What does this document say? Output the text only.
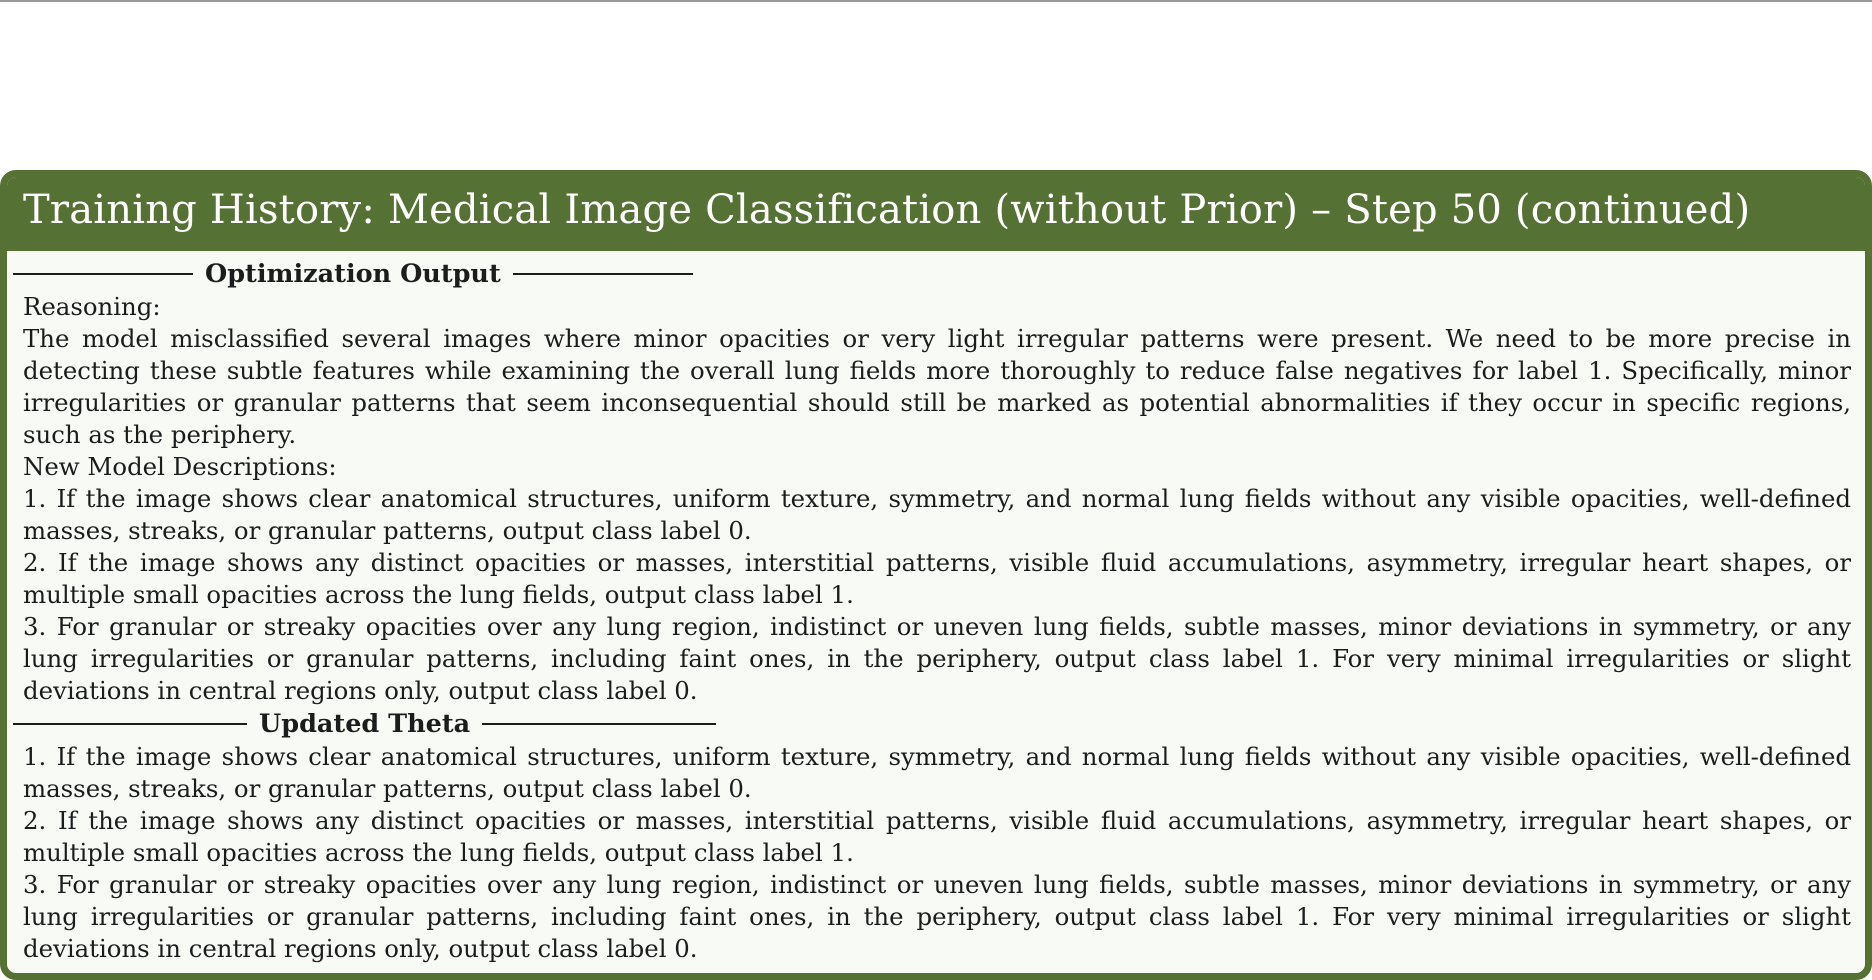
Training History: Medical Image Classification (without Prior) – Step 50 (continued)
Optimization Output
Reasoning:

The model misclassified several images where minor opacities or very light irregular patterns were present. We need to be more precise in detecting these subtle features while examining the overall lung fields more thoroughly to reduce false negatives for label 1. Specifically, minor irregularities or granular patterns that seem inconsequential should still be marked as potential abnormalities if they occur in specific regions, such as the periphery.

New Model Descriptions:

1. If the image shows clear anatomical structures, uniform texture, symmetry, and normal lung fields without any visible opacities, well-defined masses, streaks, or granular patterns, output class label 0.

2. If the image shows any distinct opacities or masses, interstitial patterns, visible fluid accumulations, asymmetry, irregular heart shapes, or multiple small opacities across the lung fields, output class label 1.

3. For granular or streaky opacities over any lung region, indistinct or uneven lung fields, subtle masses, minor deviations in symmetry, or any lung irregularities or granular patterns, including faint ones, in the periphery, output class label 1. For very minimal irregularities or slight deviations in central regions only, output class label 0.

Updated Theta

1. If the image shows clear anatomical structures, uniform texture, symmetry, and normal lung fields without any visible opacities, well-defined masses, streaks, or granular patterns, output class label 0.

2. If the image shows any distinct opacities or masses, interstitial patterns, visible fluid accumulations, asymmetry, irregular heart shapes, or multiple small opacities across the lung fields, output class label 1.

3. For granular or streaky opacities over any lung region, indistinct or uneven lung fields, subtle masses, minor deviations in symmetry, or any lung irregularities or granular patterns, including faint ones, in the periphery, output class label 1. For very minimal irregularities or slight deviations in central regions only, output class label 0.
